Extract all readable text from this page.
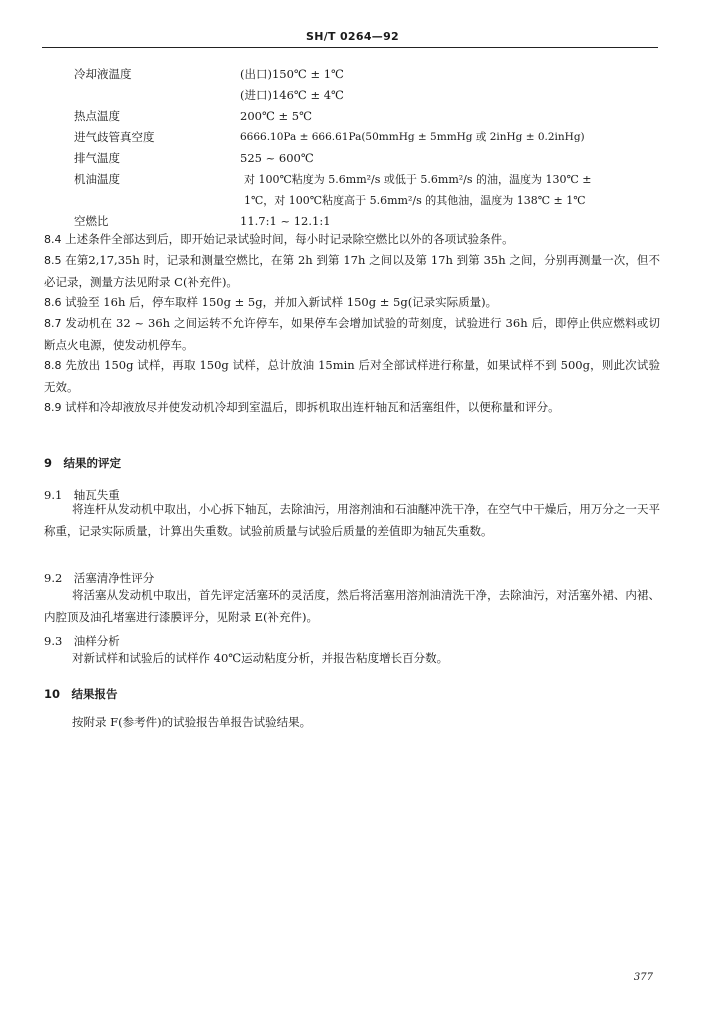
SH/T 0264—92
冷却液温度	(出口)150℃ ± 1℃
(进口)146℃ ± 4℃
热点温度	200℃ ± 5℃
进气歧管真空度	6666.10Pa ± 666.61Pa(50mmHg ± 5mmHg 或 2inHg ± 0.2inHg)
排气温度	525 ~ 600℃
机油温度	对 100℃粘度为 5.6mm²/s 或低于 5.6mm²/s 的油，温度为 130℃ ±
1℃，对 100℃粘度高于 5.6mm²/s 的其他油，温度为 138℃ ± 1℃
空燃比	11.7:1 ~ 12.1:1
8.4 上述条件全部达到后，即开始记录试验时间，每小时记录除空燃比以外的各项试验条件。
8.5 在第2,17,35h 时，记录和测量空燃比，在第 2h 到第 17h 之间以及第 17h 到第 35h 之间，分别再测量一次，但不必记录，测量方法见附录 C(补充件)。
8.6 试验至 16h 后，停车取样 150g ± 5g，并加入新试样 150g ± 5g(记录实际质量)。
8.7 发动机在 32 ~ 36h 之间运转不允许停车，如果停车会增加试验的苛刻度，试验进行 36h 后，即停止供应燃料或切断点火电源，使发动机停车。
8.8 先放出 150g 试样，再取 150g 试样，总计放油 15min 后对全部试样进行称量，如果试样不到 500g，则此次试验无效。
8.9 试样和冷却液放尽并使发动机冷却到室温后，即拆机取出连杆轴瓦和活塞组件，以便称量和评分。
9　结果的评定
9.1　轴瓦失重
将连杆从发动机中取出，小心拆下轴瓦，去除油污，用溶剂油和石油醚冲洗干净，在空气中干燥后，用万分之一天平称重，记录实际质量，计算出失重数。试验前质量与试验后质量的差值即为轴瓦失重数。
9.2　活塞清净性评分
将活塞从发动机中取出，首先评定活塞环的灵活度，然后将活塞用溶剂油清洗干净，去除油污，对活塞外裙、内裙、内腔顶及油孔堵塞进行漆膜评分，见附录 E(补充件)。
9.3　油样分析
对新试样和试验后的试样作 40℃运动粘度分析，并报告粘度增长百分数。
10　结果报告
按附录 F(参考件)的试验报告单报告试验结果。
377
